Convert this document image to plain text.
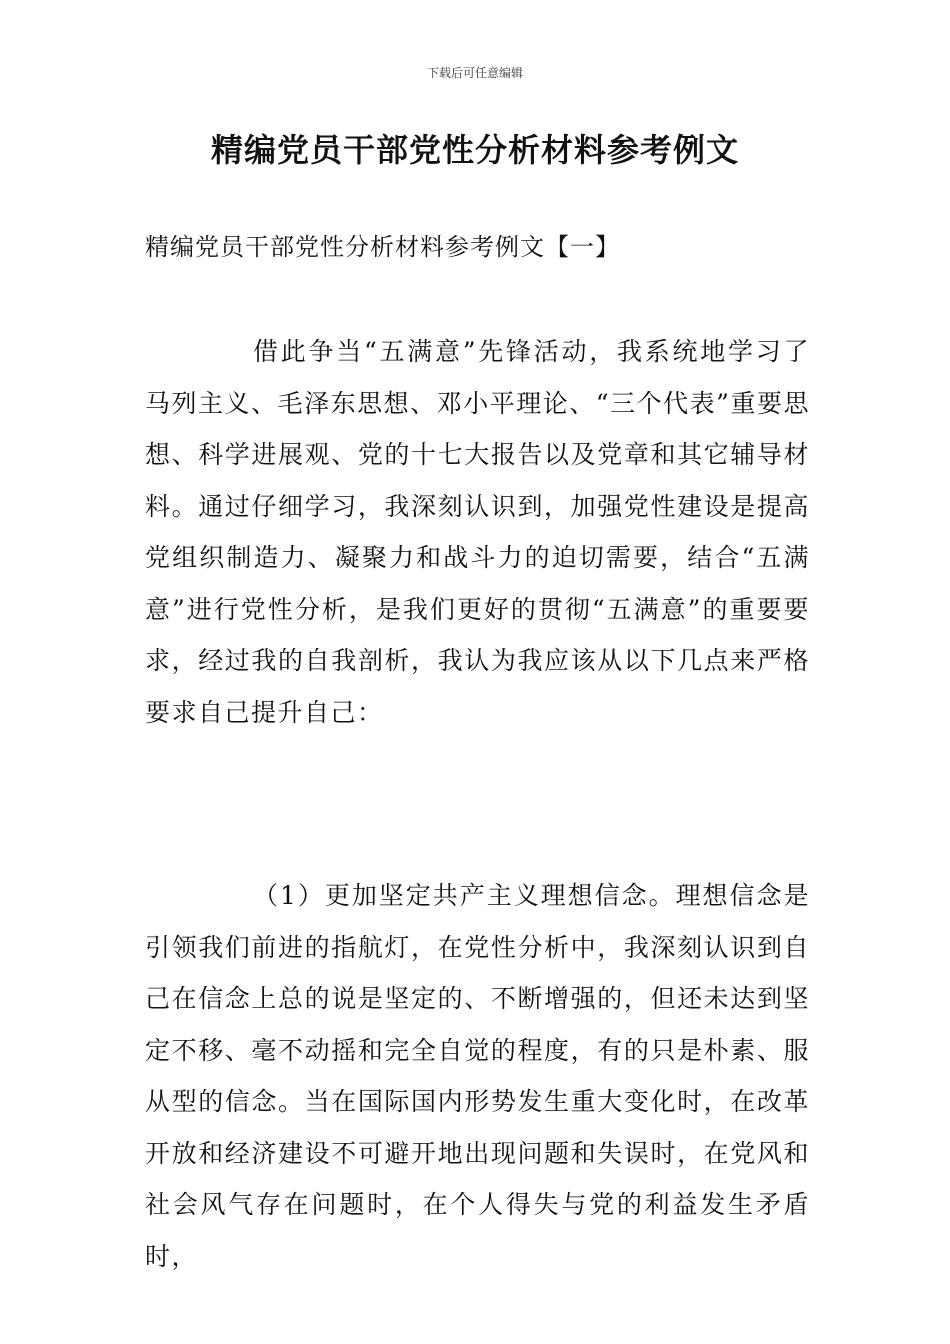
下载后可任意编辑
精编党员干部党性分析材料参考例文
精编党员干部党性分析材料参考例文【一】

借此争当“五满意”先锋活动，我系统地学习了马列主义、毛泽东思想、邓小平理论、“三个代表”重要思想、科学进展观、党的十七大报告以及党章和其它辅导材料。通过仔细学习，我深刻认识到，加强党性建设是提高党组织制造力、凝聚力和战斗力的迫切需要，结合“五满意”进行党性分析，是我们更好的贯彻“五满意”的重要要求，经过我的自我剖析，我认为我应该从以下几点来严格要求自己提升自己：

（1）更加坚定共产主义理想信念。理想信念是引领我们前进的指航灯，在党性分析中，我深刻认识到自己在信念上总的说是坚定的、不断增强的，但还未达到坚定不移、毫不动摇和完全自觉的程度，有的只是朴素、服从型的信念。当在国际国内形势发生重大变化时，在改革开放和经济建设不可避开地出现问题和失误时，在党风和社会风气存在问题时，在个人得失与党的利益发生矛盾时，
